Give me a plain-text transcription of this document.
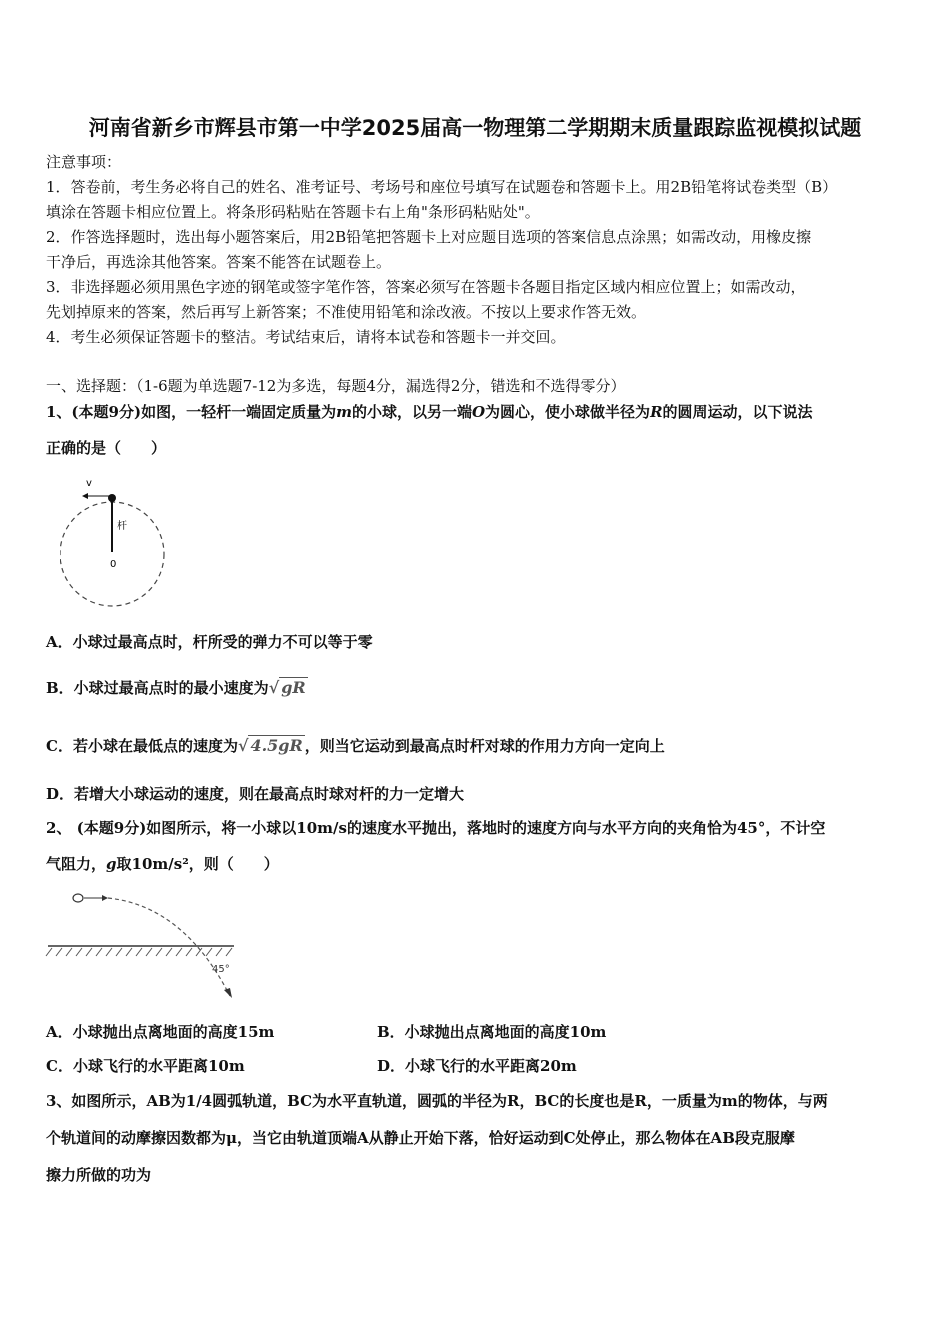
河南省新乡市辉县市第一中学2025届高一物理第二学期期末质量跟踪监视模拟试题
注意事项：
1．答卷前，考生务必将自己的姓名、准考证号、考场号和座位号填写在试题卷和答题卡上。用2B铅笔将试卷类型（B）
填涂在答题卡相应位置上。将条形码粘贴在答题卡右上角"条形码粘贴处"。
2．作答选择题时，选出每小题答案后，用2B铅笔把答题卡上对应题目选项的答案信息点涂黑；如需改动，用橡皮擦
干净后，再选涂其他答案。答案不能答在试题卷上。
3．非选择题必须用黑色字迹的钢笔或签字笔作答，答案必须写在答题卡各题目指定区域内相应位置上；如需改动，
先划掉原来的答案，然后再写上新答案；不准使用铅笔和涂改液。不按以上要求作答无效。
4．考生必须保证答题卡的整洁。考试结束后，请将本试卷和答题卡一并交回。
一、选择题：（1-6题为单选题7-12为多选，每题4分，漏选得2分，错选和不选得零分）
1、(本题9分)如图，一轻杆一端固定质量为m的小球，以另一端O为圆心，使小球做半径为R的圆周运动，以下说法
正确的是（　　）
v
杆
0
A．小球过最高点时，杆所受的弹力不可以等于零
B．小球过最高点时的最小速度为√ gR
C．若小球在最低点的速度为√ 4.5gR ，则当它运动到最高点时杆对球的作用力方向一定向上
D．若增大小球运动的速度，则在最高点时球对杆的力一定增大
2、 (本题9分)如图所示，将一小球以10m/s的速度水平抛出，落地时的速度方向与水平方向的夹角恰为45°，不计空
气阻力，g取10m/s²，则（　　）
45°
A．小球抛出点离地面的高度15m	B．小球抛出点离地面的高度10m
C．小球飞行的水平距离10m	D．小球飞行的水平距离20m
3、如图所示，AB为1/4圆弧轨道，BC为水平直轨道，圆弧的半径为R，BC的长度也是R，一质量为m的物体，与两
个轨道间的动摩擦因数都为μ，当它由轨道顶端A从静止开始下落，恰好运动到C处停止，那么物体在AB段克服摩
擦力所做的功为
